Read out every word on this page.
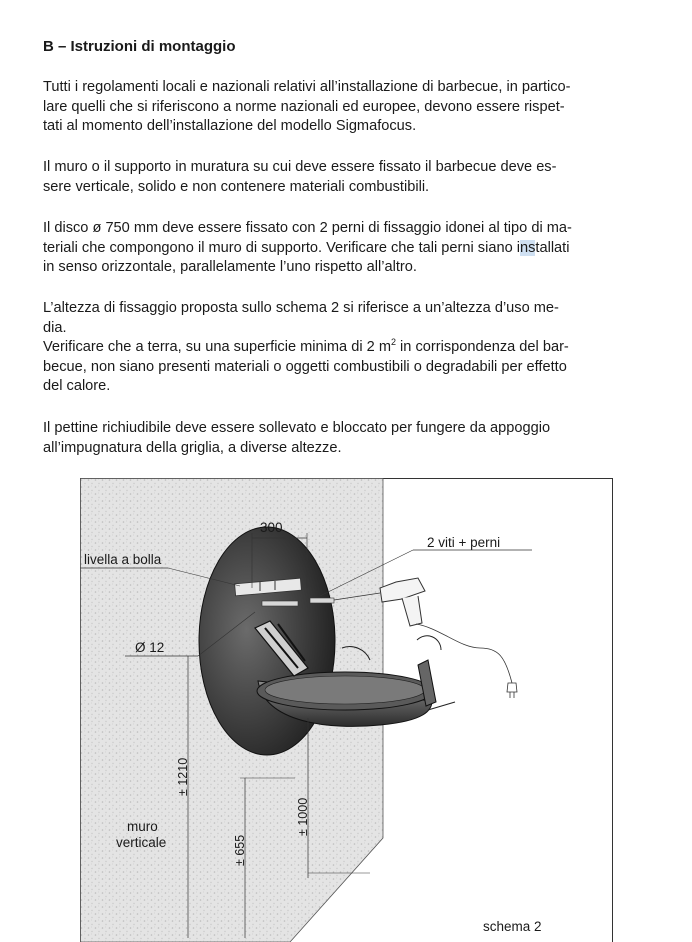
B – Istruzioni di montaggio

Tutti i regolamenti locali e nazionali relativi all’installazione di barbecue, in partico-
lare quelli che si riferiscono a norme nazionali ed europee, devono essere rispet-
tati al momento dell’installazione del modello Sigmafocus.

Il muro o il supporto in muratura su cui deve essere fissato il barbecue deve es-
sere verticale, solido e non contenere materiali combustibili.

Il disco ø 750 mm deve essere fissato con 2 perni di fissaggio idonei al tipo di ma-
teriali che compongono il muro di supporto. Verificare che tali perni siano installati
in senso orizzontale, parallelamente l’uno rispetto all’altro.

L’altezza di fissaggio proposta sullo schema 2 si riferisce a un’altezza d’uso me-
dia.

Verificare che a terra, su una superficie minima di 2 $m^2$ in corrispondenza del bar-
becue, non siano presenti materiali o oggetti combustibili o degradabili per effetto
del calore.

Il pettine richiudibile deve essere sollevato e bloccato per fungere da appoggio
all’impugnatura della griglia, a diverse altezze.

300
2 viti + perni
livella a bolla
Ø 12
± 1210
± 1000
± 655
muro
verticale
schema 2
